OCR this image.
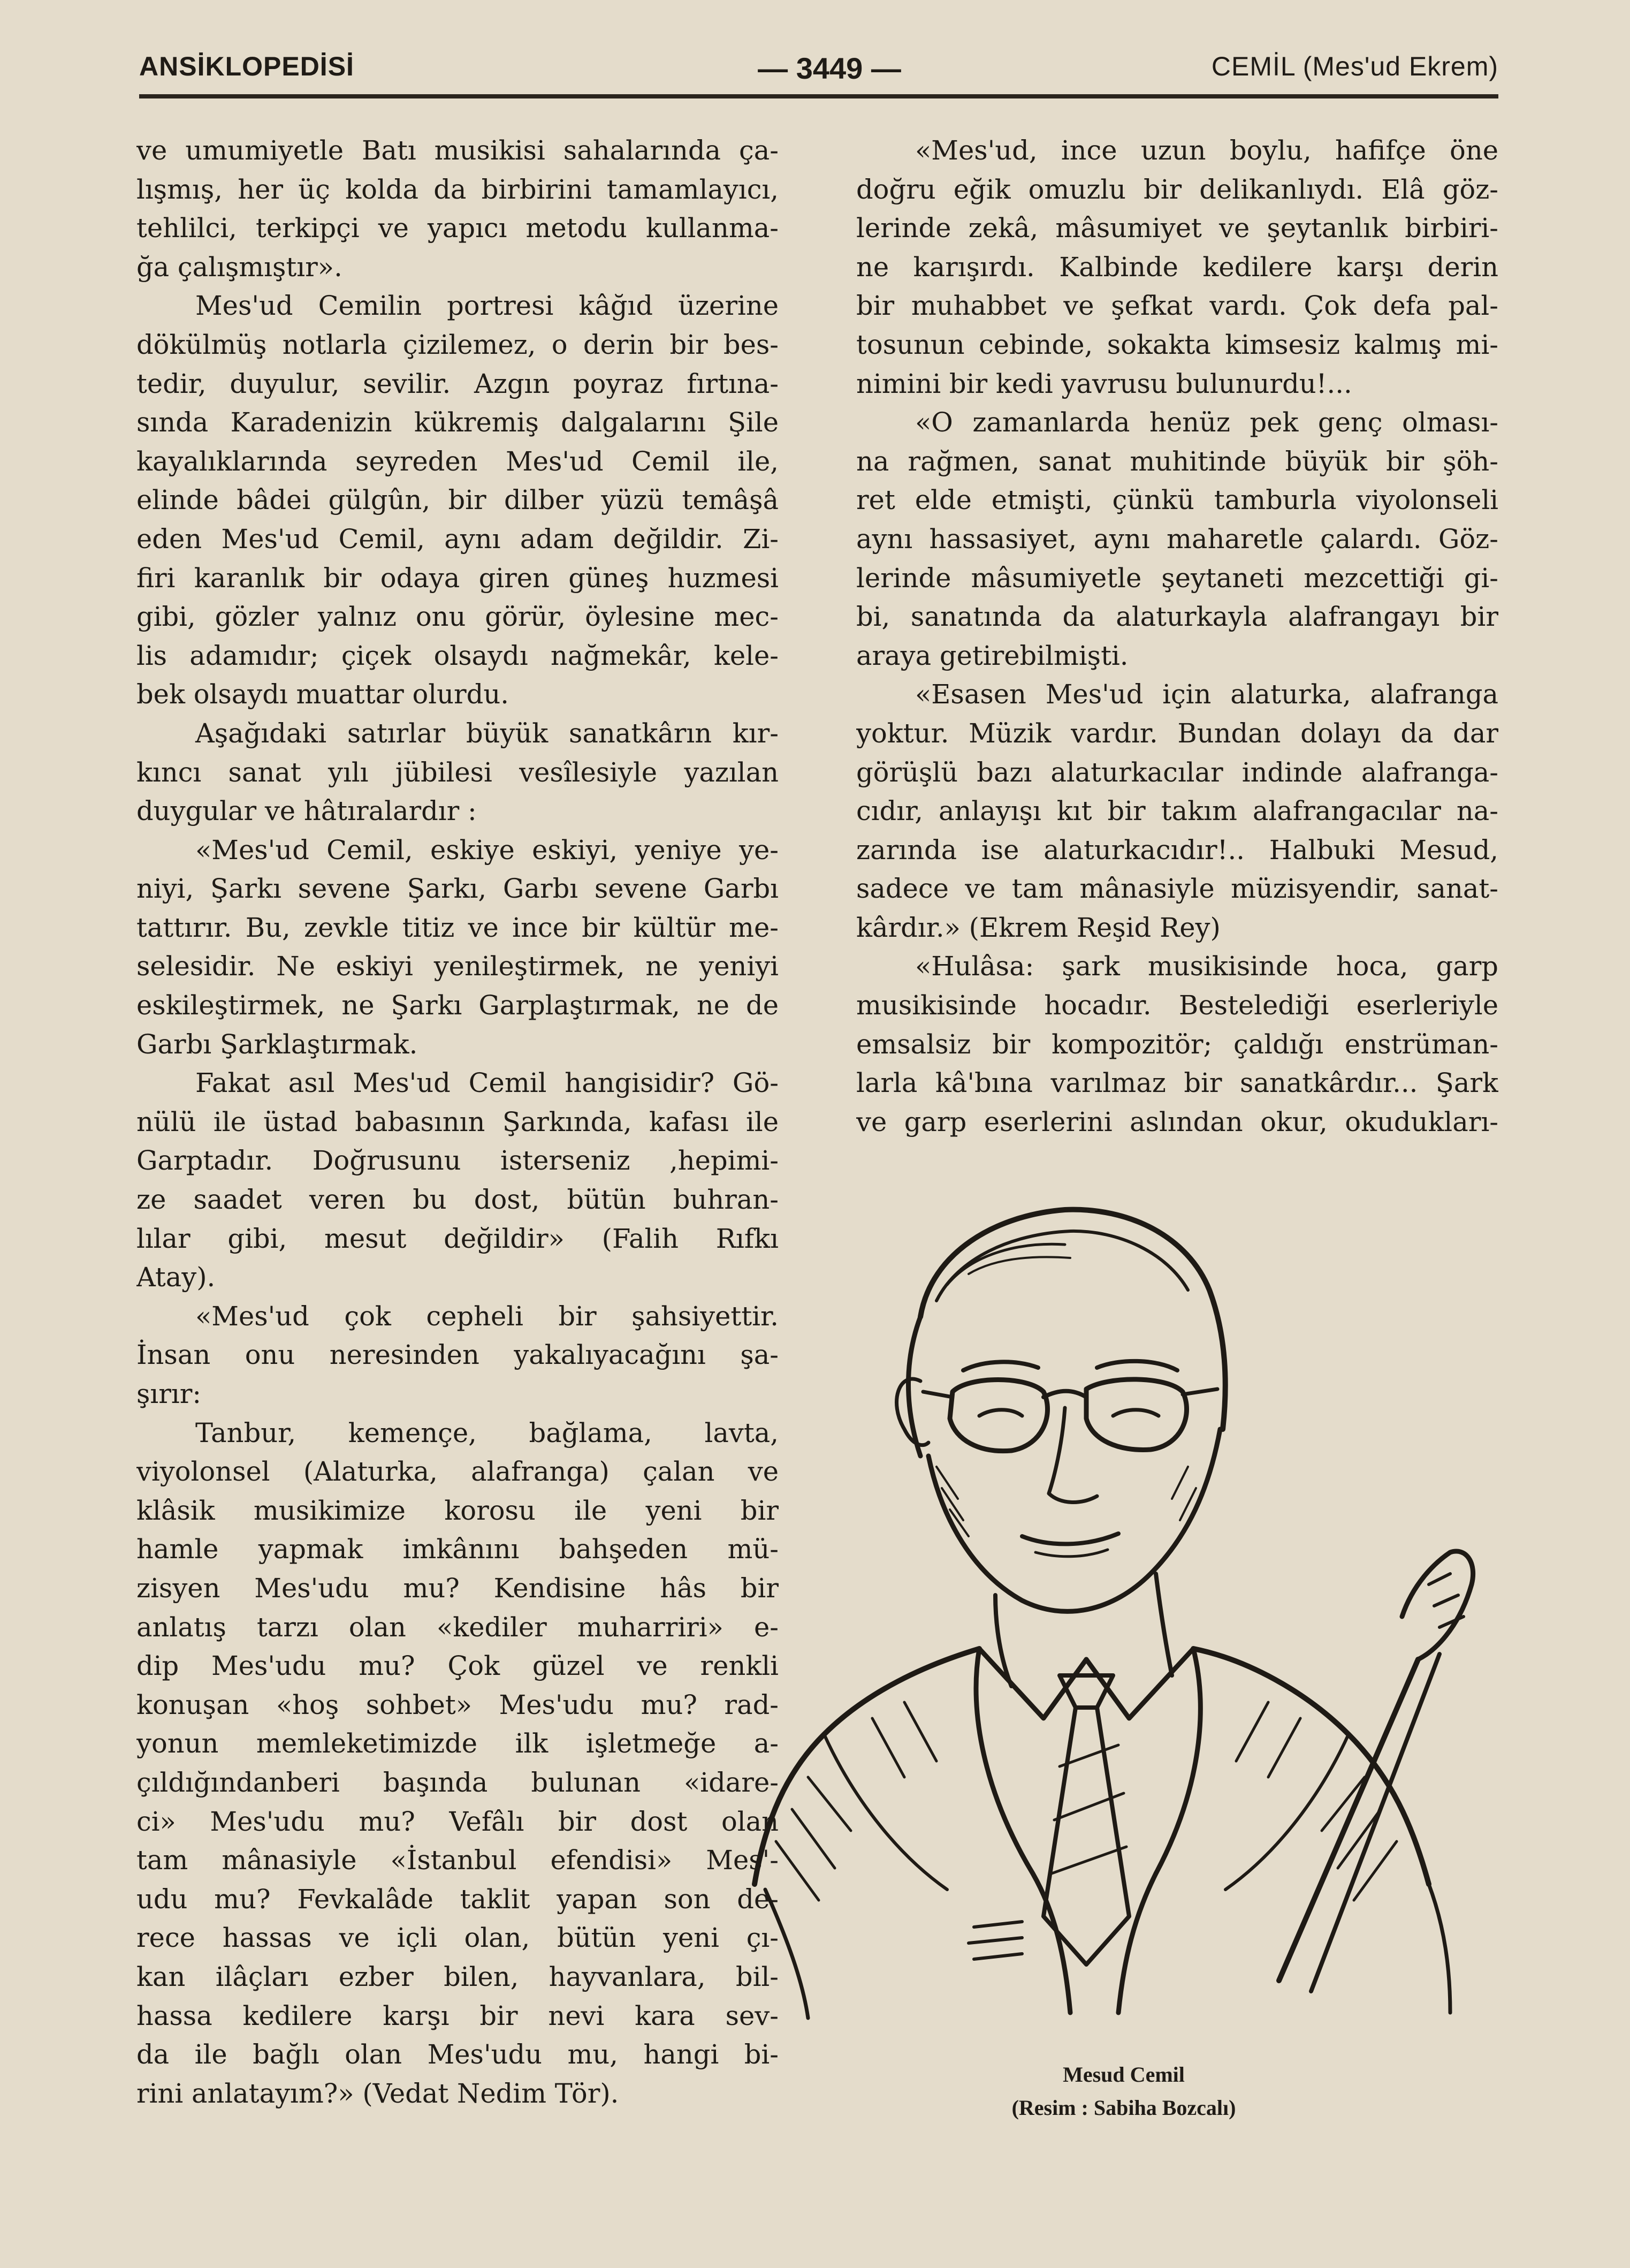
ANSİKLOPEDİSİ	— 3449 —	CEMİL (Mes'ud Ekrem)
ve umumiyetle Batı musikisi sahalarında ça-
lışmış, her üç kolda da birbirini tamamlayıcı,
tehlilci, terkipçi ve yapıcı metodu kullanma-
ğa çalışmıştır».
Mes'ud Cemilin portresi kâğıd üzerine
dökülmüş notlarla çizilemez, o derin bir bes-
tedir, duyulur, sevilir. Azgın poyraz fırtına-
sında Karadenizin kükremiş dalgalarını Şile
kayalıklarında seyreden Mes'ud Cemil ile,
elinde bâdei gülgûn, bir dilber yüzü temâşâ
eden Mes'ud Cemil, aynı adam değildir. Zi-
firi karanlık bir odaya giren güneş huzmesi
gibi, gözler yalnız onu görür, öylesine mec-
lis adamıdır; çiçek olsaydı nağmekâr, kele-
bek olsaydı muattar olurdu.
Aşağıdaki satırlar büyük sanatkârın kır-
kıncı sanat yılı jübilesi vesîlesiyle yazılan
duygular ve hâtıralardır :
«Mes'ud Cemil, eskiye eskiyi, yeniye ye-
niyi, Şarkı sevene Şarkı, Garbı sevene Garbı
tattırır. Bu, zevkle titiz ve ince bir kültür me-
selesidir. Ne eskiyi yenileştirmek, ne yeniyi
eskileştirmek, ne Şarkı Garplaştırmak, ne de
Garbı Şarklaştırmak.
Fakat asıl Mes'ud Cemil hangisidir? Gö-
nülü ile üstad babasının Şarkında, kafası ile
Garptadır. Doğrusunu isterseniz ,hepimi-
ze saadet veren bu dost, bütün buhran-
lılar gibi, mesut değildir» (Falih Rıfkı
Atay).
«Mes'ud çok cepheli bir şahsiyettir.
İnsan onu neresinden yakalıyacağını şa-
şırır:
Tanbur, kemençe, bağlama, lavta,
viyolonsel (Alaturka, alafranga) çalan ve
klâsik musikimize korosu ile yeni bir
hamle yapmak imkânını bahşeden mü-
zisyen Mes'udu mu? Kendisine hâs bir
anlatış tarzı olan «kediler muharriri» e-
dip Mes'udu mu? Çok güzel ve renkli
konuşan «hoş sohbet» Mes'udu mu? rad-
yonun memleketimizde ilk işletmeğe a-
çıldığındanberi başında bulunan «idare-
ci» Mes'udu mu? Vefâlı bir dost olan
tam mânasiyle «İstanbul efendisi» Mes'-
udu mu? Fevkalâde taklit yapan son de-
rece hassas ve içli olan, bütün yeni çı-
kan ilâçları ezber bilen, hayvanlara, bil-
hassa kedilere karşı bir nevi kara sev-
da ile bağlı olan Mes'udu mu, hangi bi-
rini anlatayım?» (Vedat Nedim Tör).
«Mes'ud, ince uzun boylu, hafifçe öne
doğru eğik omuzlu bir delikanlıydı. Elâ göz-
lerinde zekâ, mâsumiyet ve şeytanlık birbiri-
ne karışırdı. Kalbinde kedilere karşı derin
bir muhabbet ve şefkat vardı. Çok defa pal-
tosunun cebinde, sokakta kimsesiz kalmış mi-
nimini bir kedi yavrusu bulunurdu!...
«O zamanlarda henüz pek genç olması-
na rağmen, sanat muhitinde büyük bir şöh-
ret elde etmişti, çünkü tamburla viyolonseli
aynı hassasiyet, aynı maharetle çalardı. Göz-
lerinde mâsumiyetle şeytaneti mezcettiği gi-
bi, sanatında da alaturkayla alafrangayı bir
araya getirebilmişti.
«Esasen Mes'ud için alaturka, alafranga
yoktur. Müzik vardır. Bundan dolayı da dar
görüşlü bazı alaturkacılar indinde alafranga-
cıdır, anlayışı kıt bir takım alafrangacılar na-
zarında ise alaturkacıdır!.. Halbuki Mesud,
sadece ve tam mânasiyle müzisyendir, sanat-
kârdır.» (Ekrem Reşid Rey)
«Hulâsa: şark musikisinde hoca, garp
musikisinde hocadır. Bestelediği eserleriyle
emsalsiz bir kompozitör; çaldığı enstrüman-
larla kâ'bına varılmaz bir sanatkârdır... Şark
ve garp eserlerini aslından okur, okudukları-
Mesud Cemil
(Resim : Sabiha Bozcalı)
